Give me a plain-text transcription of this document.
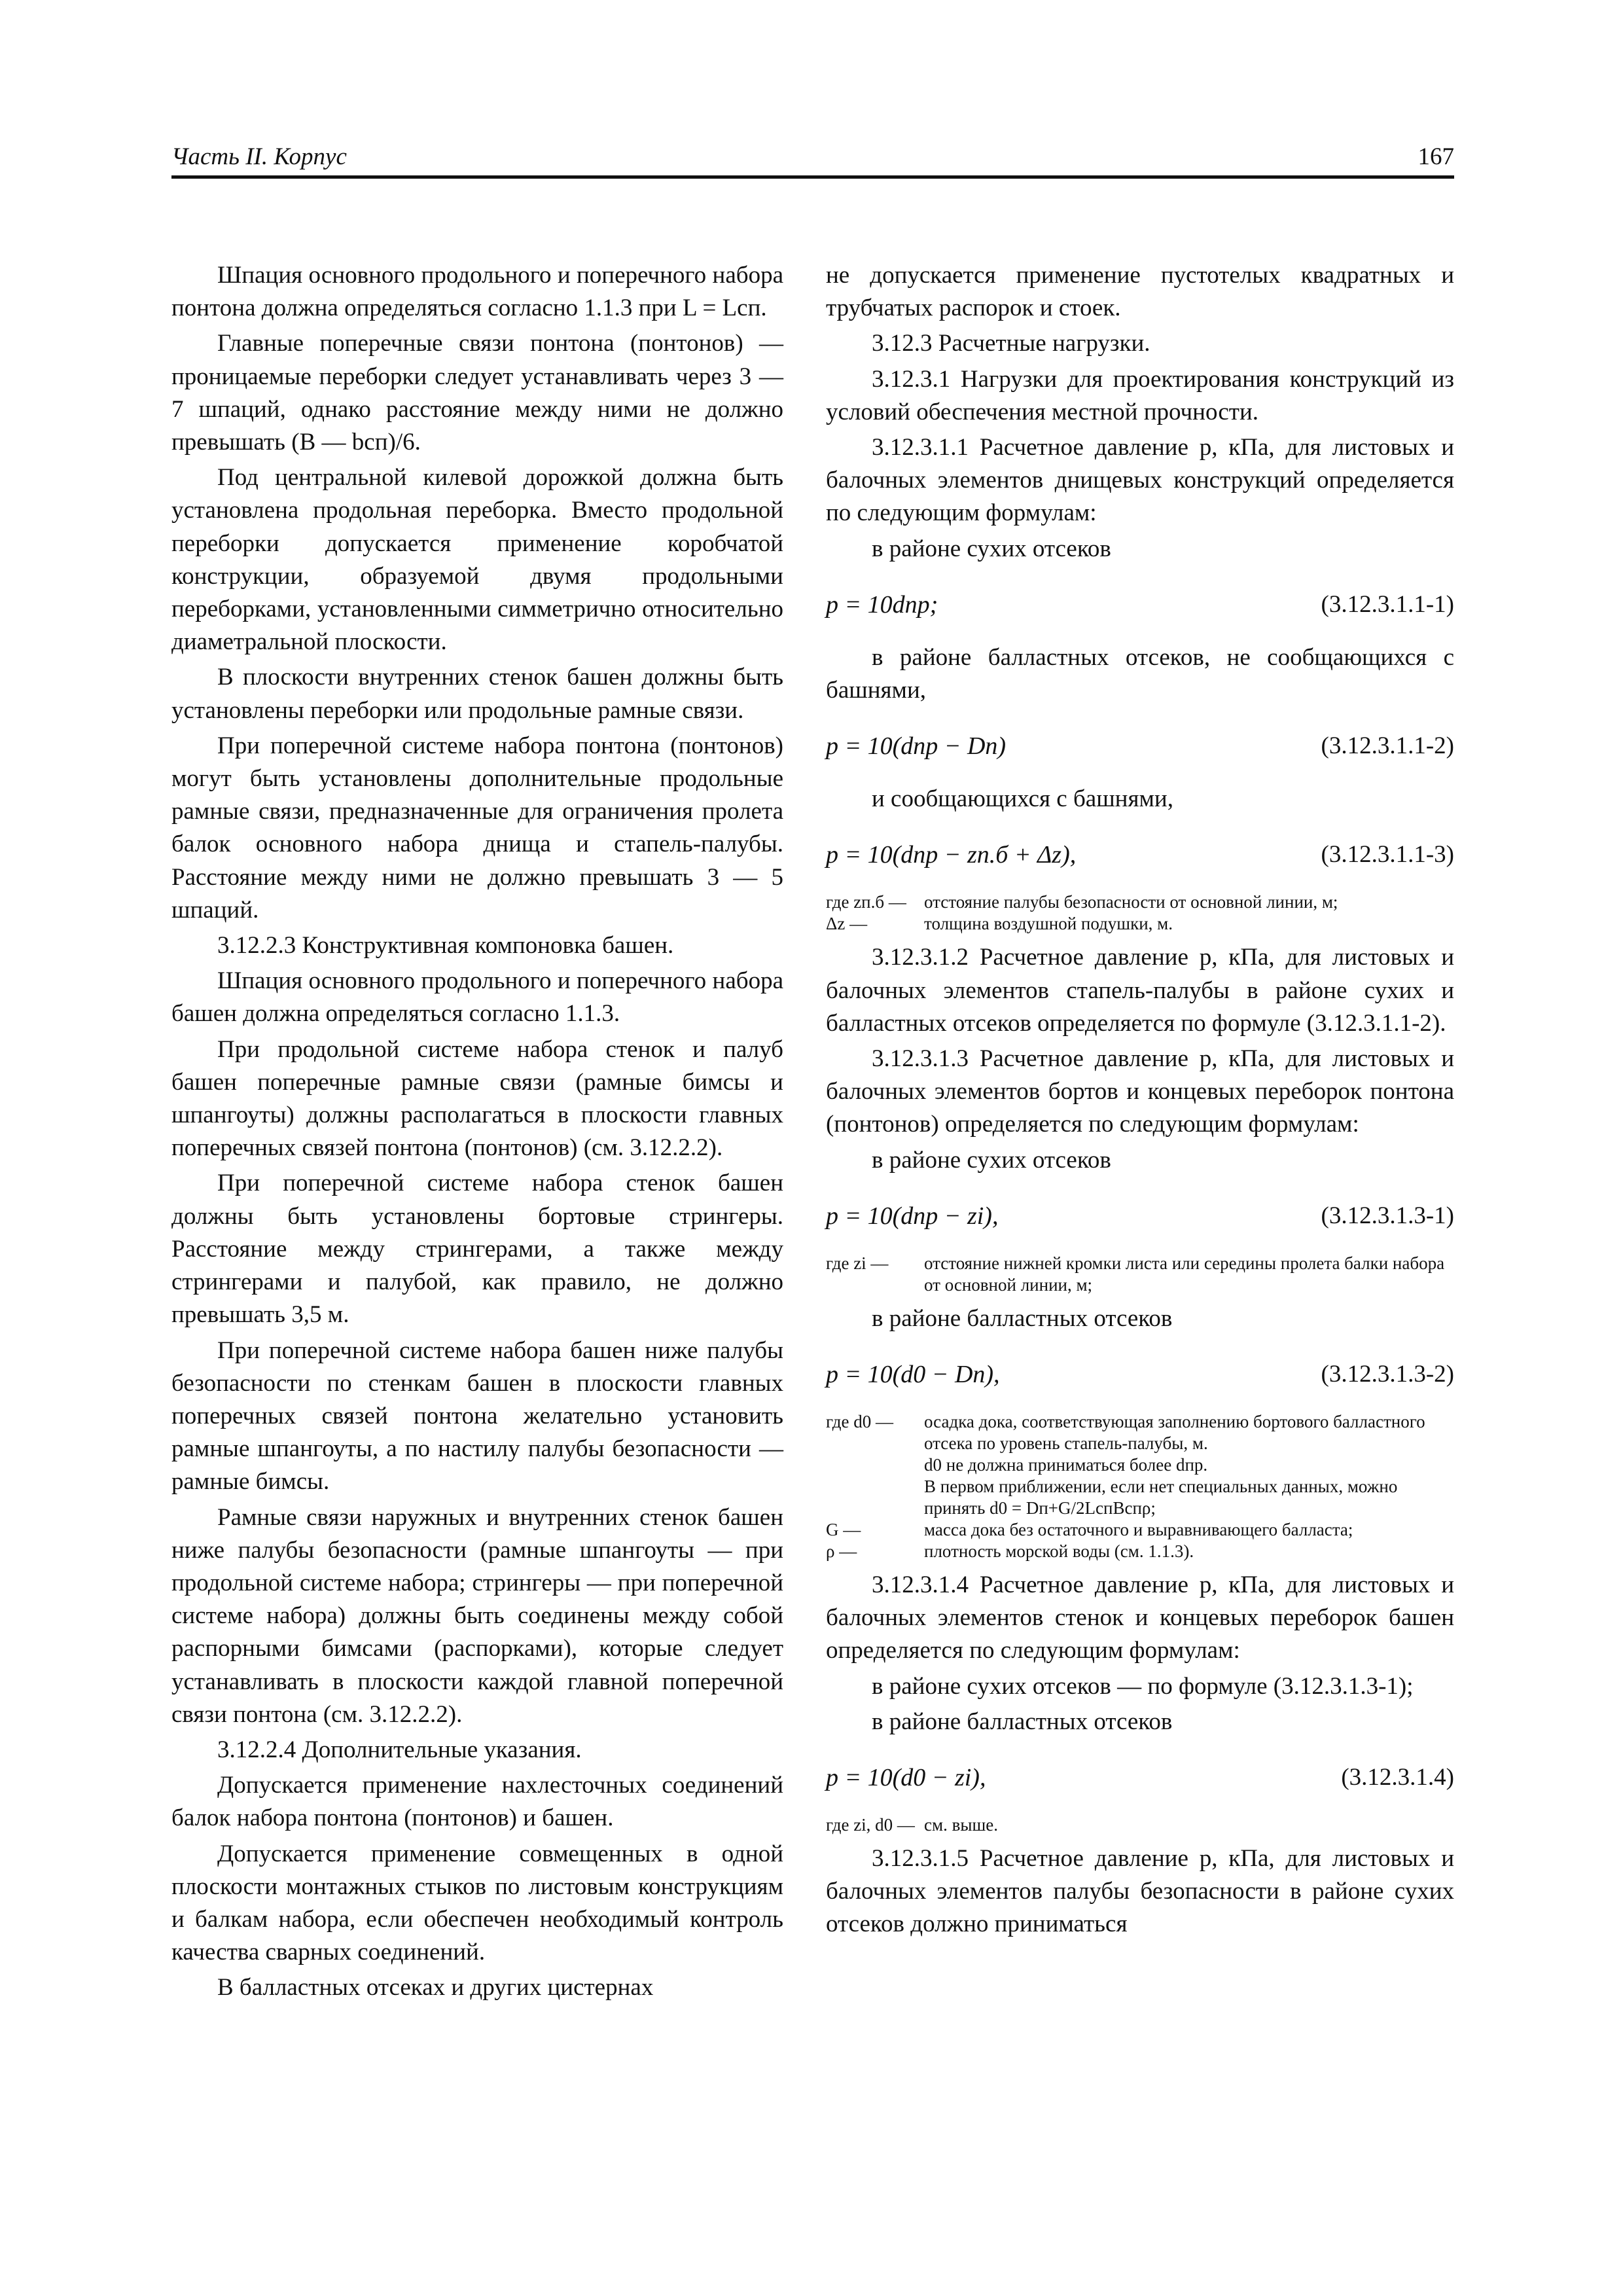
Часть II. Корпус	167

Шпация основного продольного и поперечного набора понтона должна определяться согласно 1.1.3 при L = Lсп.

Главные поперечные связи понтона (понтонов) — проницаемые переборки следует устанавливать через 3 — 7 шпаций, однако расстояние между ними не должно превышать (B — bсп)/6.

Под центральной килевой дорожкой должна быть установлена продольная переборка. Вместо продольной переборки допускается применение коробчатой конструкции, образуемой двумя продольными переборками, установленными симметрично относительно диаметральной плоскости.

В плоскости внутренних стенок башен должны быть установлены переборки или продольные рамные связи.

При поперечной системе набора понтона (понтонов) могут быть установлены дополнительные продольные рамные связи, предназначенные для ограничения пролета балок основного набора днища и стапель-палубы. Расстояние между ними не должно превышать 3 — 5 шпаций.

3.12.2.3 Конструктивная компоновка башен.

Шпация основного продольного и поперечного набора башен должна определяться согласно 1.1.3.

При продольной системе набора стенок и палуб башен поперечные рамные связи (рамные бимсы и шпангоуты) должны располагаться в плоскости главных поперечных связей понтона (понтонов) (см. 3.12.2.2).

При поперечной системе набора стенок башен должны быть установлены бортовые стрингеры. Расстояние между стрингерами, а также между стрингерами и палубой, как правило, не должно превышать 3,5 м.

При поперечной системе набора башен ниже палубы безопасности по стенкам башен в плоскости главных поперечных связей понтона желательно установить рамные шпангоуты, а по настилу палубы безопасности — рамные бимсы.

Рамные связи наружных и внутренних стенок башен ниже палубы безопасности (рамные шпангоуты — при продольной системе набора; стрингеры — при поперечной системе набора) должны быть соединены между собой распорными бимсами (распорками), которые следует устанавливать в плоскости каждой главной поперечной связи понтона (см. 3.12.2.2).

3.12.2.4 Дополнительные указания.

Допускается применение нахлесточных соединений балок набора понтона (понтонов) и башен.

Допускается применение совмещенных в одной плоскости монтажных стыков по листовым конструкциям и балкам набора, если обеспечен необходимый контроль качества сварных соединений.

В балластных отсеках и других цистернах

не допускается применение пустотелых квадратных и трубчатых распорок и стоек.

3.12.3 Расчетные нагрузки.

3.12.3.1 Нагрузки для проектирования конструкций из условий обеспечения местной прочности.

3.12.3.1.1 Расчетное давление p, кПа, для листовых и балочных элементов днищевых конструкций определяется по следующим формулам:

в районе сухих отсеков

p = 10dпр;	(3.12.3.1.1-1)

в районе балластных отсеков, не сообщающихся с башнями,

p = 10(dпр − Dп)	(3.12.3.1.1-2)

и сообщающихся с башнями,

p = 10(dпр − zп.б + Δz),	(3.12.3.1.1-3)
где zп.б —	отстояние палубы безопасности от основной линии, м;
Δz —	толщина воздушной подушки, м.

3.12.3.1.2 Расчетное давление p, кПа, для листовых и балочных элементов стапель-палубы в районе сухих и балластных отсеков определяется по формуле (3.12.3.1.1-2).

3.12.3.1.3 Расчетное давление p, кПа, для листовых и балочных элементов бортов и концевых переборок понтона (понтонов) определяется по следующим формулам:

в районе сухих отсеков

p = 10(dпр − zi),	(3.12.3.1.3-1)
где zi —	отстояние нижней кромки листа или середины пролета балки набора от основной линии, м;

в районе балластных отсеков

p = 10(d0 − Dп),	(3.12.3.1.3-2)
где d0 —	осадка дока, соответствующая заполнению бортового балластного отсека по уровень стапель-палубы, м.
d0 не должна приниматься более dпр.
В первом приближении, если нет специальных данных, можно принять d0 = Dп+G/2LспBспρ;
G —	масса дока без остаточного и выравнивающего балласта;
ρ —	плотность морской воды (см. 1.1.3).

3.12.3.1.4 Расчетное давление p, кПа, для листовых и балочных элементов стенок и концевых переборок башен определяется по следующим формулам:

в районе сухих отсеков — по формуле (3.12.3.1.3-1);

в районе балластных отсеков

p = 10(d0 − zi),	(3.12.3.1.4)
где zi, d0 — см. выше.

3.12.3.1.5 Расчетное давление p, кПа, для листовых и балочных элементов палубы безопасности в районе сухих отсеков должно приниматься
